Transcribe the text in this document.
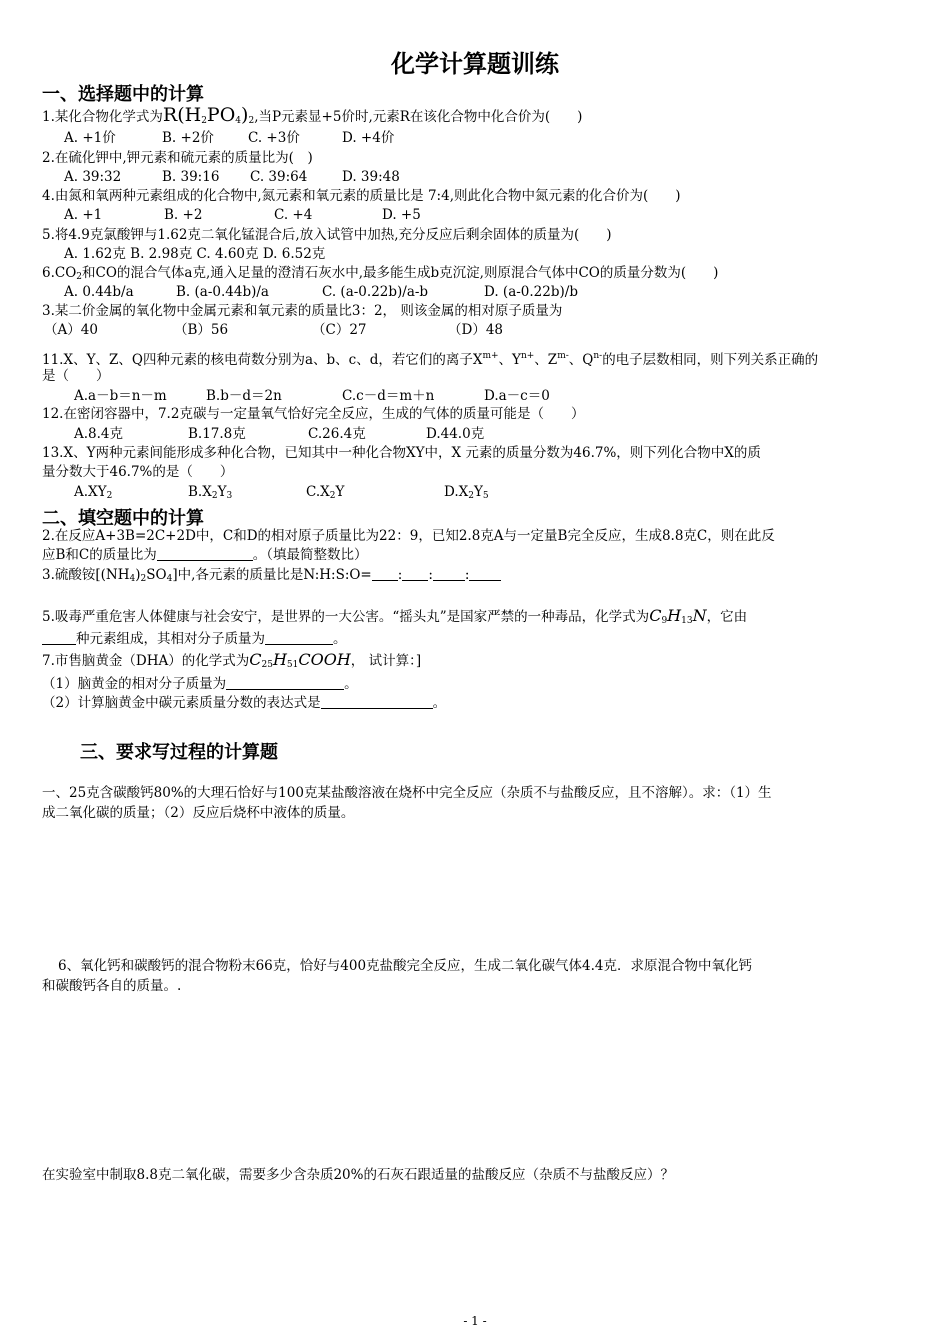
化学计算题训练
一、选择题中的计算
1.某化合物化学式为$R(H_2PO_4)_2$,当P元素显+5价时,元素R在该化合物中化合价为(　　)
A. +1价	B. +2价	C. +3价	D. +4价
2.在硫化钾中,钾元素和硫元素的质量比为(　)
A. 39:32	B. 39:16 C. 39:64	D. 39:48
4.由氮和氧两种元素组成的化合物中,氮元素和氧元素的质量比是 7:4,则此化合物中氮元素的化合价为(　　)
A. +1	B. +2	C. +4	D. +5
5.将4.9克氯酸钾与1.62克二氧化锰混合后,放入试管中加热,充分反应后剩余固体的质量为(　　)
A. 1.62克 B. 2.98克 C. 4.60克 D. 6.52克
$6.CO_2$和CO的混合气体a克,通入足量的澄清石灰水中,最多能生成b克沉淀,则原混合气体中CO的质量分数为(　　)
A. 0.44b/a	B. (a-0.44b)/a	C. (a-0.22b)/a-b	D. (a-0.22b)/b
3.某二价金属的氧化物中金属元素和氧元素的质量比3：2， 则该金属的相对原子质量为
（A）40	（B）56	（C）27	（D）48
11.X、Y、Z、Q四种元素的核电荷数分别为a、b、c、d，若它们的离子$X^{m+}$、$Y^{n+}$、$Z^{m-}$、$Q^{n-}$的电子层数相同，则下列关系正确的
是（　　）
A.a－b＝n－m	B.b－d＝2n	C.c－d＝m＋n	D.a－c＝0
12.在密闭容器中，7.2克碳与一定量氧气恰好完全反应，生成的气体的质量可能是（　　）
A.8.4克	B.17.8克	C.26.4克	D.44.0克
13.X、Y两种元素间能形成多种化合物，已知其中一种化合物XY中，X 元素的质量分数为46.7%，则下列化合物中X的质
量分数大于46.7%的是（　　）
$A.XY_2$	$B.X_2Y_3$	$C.X_2Y$	$D.X_2Y_5$
二、填空题中的计算
2.在反应A+3B=2C+2D中，C和D的相对原子质量比为22：9，已知2.8克A与一定量B完全反应，生成8.8克C，则在此反
应B和C的质量比为	。（填最简整数比）
3.硫酸铵$[(NH_4)_2SO_4]$中,各元素的质量比是N:H:S:O= : : :
5.吸毒严重危害人体健康与社会安宁，是世界的一大公害。“摇头丸”是国家严禁的一种毒品，化学式为$C_9H_{13}N$，它由
种元素组成，其相对分子质量为	。
7.市售脑黄金（DHA）的化学式为$C_{25}H_{51}COOH$， 试计算：]
（1）脑黄金的相对分子质量为	。
（2）计算脑黄金中碳元素质量分数的表达式是	。
三、要求写过程的计算题
一、25克含碳酸钙80%的大理石恰好与100克某盐酸溶液在烧杯中完全反应（杂质不与盐酸反应，且不溶解）。求：（1）生
成二氧化碳的质量；（2）反应后烧杯中液体的质量。
6、氧化钙和碳酸钙的混合物粉末66克，恰好与400克盐酸完全反应，生成二氧化碳气体4.4克．求原混合物中氧化钙
和碳酸钙各自的质量。.
在实验室中制取8.8克二氧化碳，需要多少含杂质20%的石灰石跟适量的盐酸反应（杂质不与盐酸反应）？
- 1 -
